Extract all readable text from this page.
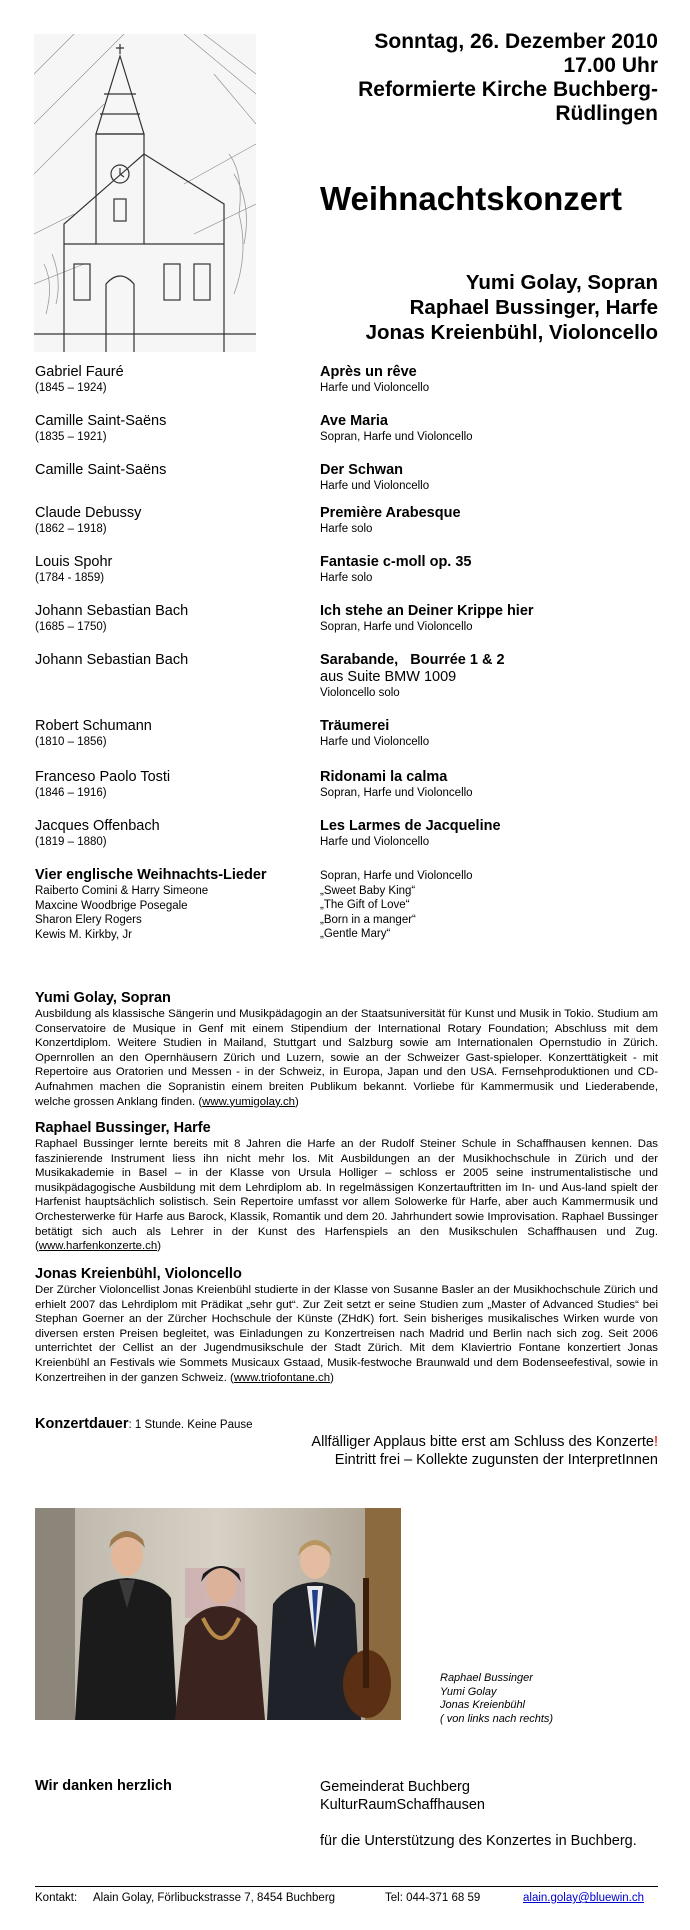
Sonntag, 26. Dezember 2010
17.00 Uhr
Reformierte Kirche Buchberg-
Rüdlingen
Weihnachtskonzert
Yumi Golay, Sopran
Raphael Bussinger, Harfe
Jonas Kreienbühl, Violoncello
Gabriel Fauré
(1845 – 1924)
Après un rêve
Harfe und Violoncello
Camille Saint-Saëns
(1835 – 1921)
Ave Maria
Sopran, Harfe und Violoncello
Camille Saint-Saëns	Der Schwan
Harfe und Violoncello
Claude Debussy
(1862 – 1918)
Première Arabesque
Harfe solo
Louis Spohr
(1784 - 1859)
Fantasie c-moll op. 35
Harfe solo
Johann Sebastian Bach
(1685 – 1750)
Ich stehe an Deiner Krippe hier
Sopran, Harfe und Violoncello
Johann Sebastian Bach	Sarabande,   Bourrée 1 & 2
aus Suite BMW 1009
Violoncello solo
Robert Schumann
(1810 – 1856)
Träumerei
Harfe und Violoncello
Franceso Paolo Tosti
(1846 – 1916)
Ridonami la calma
Sopran, Harfe und Violoncello
Jacques Offenbach
(1819 – 1880)
Les Larmes de Jacqueline
Harfe und Violoncello
Vier englische Weihnachts-Lieder
Raiberto Comini & Harry Simeone
Maxcine Woodbrige Posegale
Sharon Elery Rogers
Kewis M. Kirkby, Jr
Sopran, Harfe und Violoncello
„Sweet Baby King“
„The Gift of Love“
„Born in a manger“
„Gentle Mary“
Yumi Golay, Sopran

Ausbildung als klassische Sängerin und Musikpädagogin an der Staatsuniversität für Kunst und Musik in Tokio. Studium am Conservatoire de Musique in Genf mit einem Stipendium der International Rotary Foundation; Abschluss mit dem Konzertdiplom. Weitere Studien in Mailand, Stuttgart und Salzburg sowie am Internationalen Opernstudio in Zürich. Opernrollen an den Opernhäusern Zürich und Luzern, sowie an der Schweizer Gast-spieloper. Konzerttätigkeit - mit Repertoire aus Oratorien und Messen - in der Schweiz, in Europa, Japan und den USA. Fernsehproduktionen und CD-Aufnahmen machen die Sopranistin einem breiten Publikum bekannt. Vorliebe für Kammermusik und Liederabende, welche grossen Anklang finden. (www.yumigolay.ch)

Raphael Bussinger, Harfe

Raphael Bussinger lernte bereits mit 8 Jahren die Harfe an der Rudolf Steiner Schule in Schaffhausen kennen. Das faszinierende Instrument liess ihn nicht mehr los. Mit Ausbildungen an der Musikhochschule in Zürich und der Musikakademie in Basel – in der Klasse von Ursula Holliger – schloss er 2005 seine instrumentalistische und musikpädagogische Ausbildung mit dem Lehrdiplom ab. In regelmässigen Konzertauftritten im In- und Aus-land spielt der Harfenist hauptsächlich solistisch. Sein Repertoire umfasst vor allem Solowerke für Harfe, aber auch Kammermusik und Orchesterwerke für Harfe aus Barock, Klassik, Romantik und dem 20. Jahrhundert sowie Improvisation. Raphael Bussinger betätigt sich auch als Lehrer in der Kunst des Harfenspiels an den Musikschulen Schaffhausen und Zug. (www.harfenkonzerte.ch)

Jonas Kreienbühl, Violoncello

Der Zürcher Violoncellist Jonas Kreienbühl studierte in der Klasse von Susanne Basler an der Musikhochschule Zürich und erhielt 2007 das Lehrdiplom mit Prädikat „sehr gut“. Zur Zeit setzt er seine Studien zum „Master of Advanced Studies“ bei Stephan Goerner an der Zürcher Hochschule der Künste (ZHdK) fort. Sein bisheriges musikalisches Wirken wurde von diversen ersten Preisen begleitet, was Einladungen zu Konzertreisen nach Madrid und Berlin nach sich zog. Seit 2006 unterrichtet der Cellist an der Jugendmusikschule der Stadt Zürich. Mit dem Klaviertrio Fontane konzertiert Jonas Kreienbühl an Festivals wie Sommets Musicaux Gstaad, Musik-festwoche Braunwald und dem Bodenseefestival, sowie in Konzertreihen in der ganzen Schweiz. (www.triofontane.ch)

Konzertdauer: 1 Stunde. Keine Pause
Allfälliger Applaus bitte erst am Schluss des Konzerte!
Eintritt frei – Kollekte zugunsten der InterpretInnen
Raphael Bussinger
Yumi Golay
Jonas Kreienbühl
( von links nach rechts)
Wir danken herzlich	Gemeinderat Buchberg
KulturRaumSchaffhausen
für die Unterstützung des Konzertes in Buchberg.
Kontakt: Alain Golay, Förlibuckstrasse 7, 8454 Buchberg	Tel: 044-371 68 59	alain.golay@bluewin.ch
